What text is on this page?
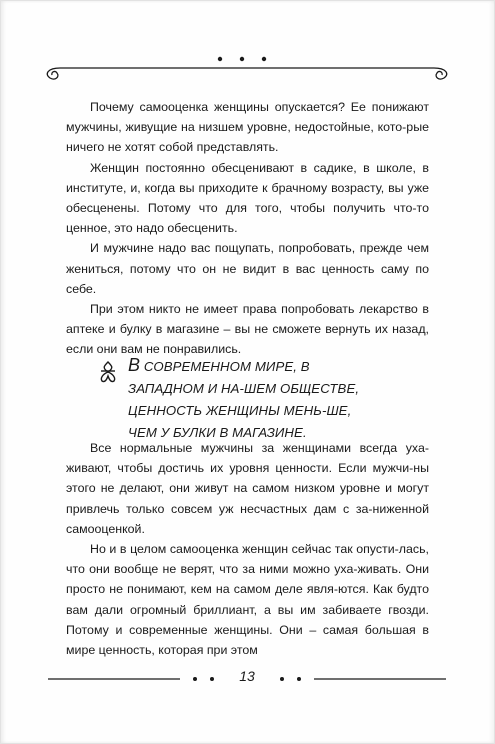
Почему самооценка женщины опускается? Ее понижают мужчины, живущие на низшем уровне, недостойные, кото-рые ничего не хотят собой представлять.

Женщин постоянно обесценивают в садике, в школе, в институте, и, когда вы приходите к брачному возрасту, вы уже обесценены. Потому что для того, чтобы получить что-то ценное, это надо обесценить.

И мужчине надо вас пощупать, попробовать, прежде чем жениться, потому что он не видит в вас ценность саму по себе.

При этом никто не имеет права попробовать лекарство в аптеке и булку в магазине – вы не сможете вернуть их назад, если они вам не понравились.

В СОВРЕМЕННОМ МИРЕ, В ЗАПАДНОМ И НА-ШЕМ ОБЩЕСТВЕ, ЦЕННОСТЬ ЖЕНЩИНЫ МЕНЬ-ШЕ, ЧЕМ У БУЛКИ В МАГАЗИНЕ.

Все нормальные мужчины за женщинами всегда уха-живают, чтобы достичь их уровня ценности. Если мужчи-ны этого не делают, они живут на самом низком уровне и могут привлечь только совсем уж несчастных дам с за-ниженной самооценкой.

Но и в целом самооценка женщин сейчас так опусти-лась, что они вообще не верят, что за ними можно уха-живать. Они просто не понимают, кем на самом деле явля-ются. Как будто вам дали огромный бриллиант, а вы им забиваете гвозди. Потому и современные женщины. Они – самая большая в мире ценность, которая при этом

13
